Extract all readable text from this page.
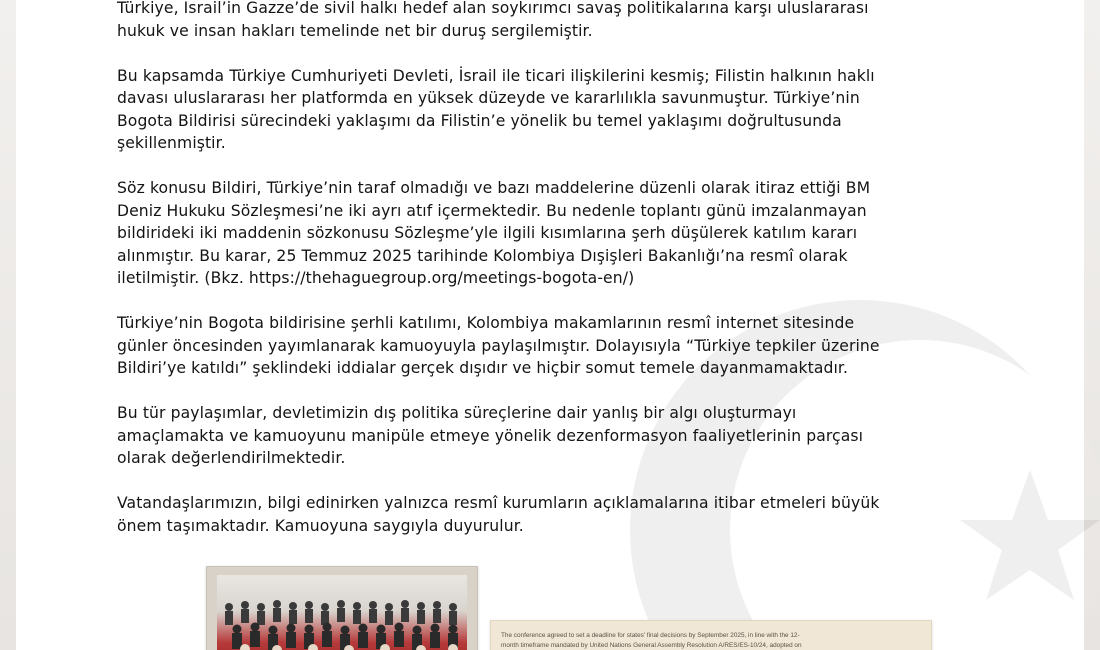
Türkiye, İsrail’in Gazze’de sivil halkı hedef alan soykırımcı savaş politikalarına karşı uluslararası
hukuk ve insan hakları temelinde net bir duruş sergilemiştir.

Bu kapsamda Türkiye Cumhuriyeti Devleti, İsrail ile ticari ilişkilerini kesmiş; Filistin halkının haklı
davası uluslararası her platformda en yüksek düzeyde ve kararlılıkla savunmuştur. Türkiye’nin
Bogota Bildirisi sürecindeki yaklaşımı da Filistin’e yönelik bu temel yaklaşımı doğrultusunda
şekillenmiştir.

Söz konusu Bildiri, Türkiye’nin taraf olmadığı ve bazı maddelerine düzenli olarak itiraz ettiği BM
Deniz Hukuku Sözleşmesi’ne iki ayrı atıf içermektedir. Bu nedenle toplantı günü imzalanmayan
bildirideki iki maddenin sözkonusu Sözleşme’yle ilgili kısımlarına şerh düşülerek katılım kararı
alınmıştır. Bu karar, 25 Temmuz 2025 tarihinde Kolombiya Dışişleri Bakanlığı’na resmî olarak
iletilmiştir. (Bkz. https://thehaguegroup.org/meetings-bogota-en/)

Türkiye’nin Bogota bildirisine şerhli katılımı, Kolombiya makamlarının resmî internet sitesinde
günler öncesinden yayımlanarak kamuoyuyla paylaşılmıştır. Dolayısıyla “Türkiye tepkiler üzerine
Bildiri’ye katıldı” şeklindeki iddialar gerçek dışıdır ve hiçbir somut temele dayanmamaktadır.

Bu tür paylaşımlar, devletimizin dış politika süreçlerine dair yanlış bir algı oluşturmayı
amaçlamakta ve kamuoyunu manipüle etmeye yönelik dezenformasyon faaliyetlerinin parçası
olarak değerlendirilmektedir.

Vatandaşlarımızın, bilgi edinirken yalnızca resmî kurumların açıklamalarına itibar etmeleri büyük
önem taşımaktadır. Kamuoyuna saygıyla duyurulur.

The conference agreed to set a deadline for states' final decisions by September 2025, in line with the 12-
month timeframe mandated by United Nations General Assembly Resolution A/RES/ES-10/24, adopted on
